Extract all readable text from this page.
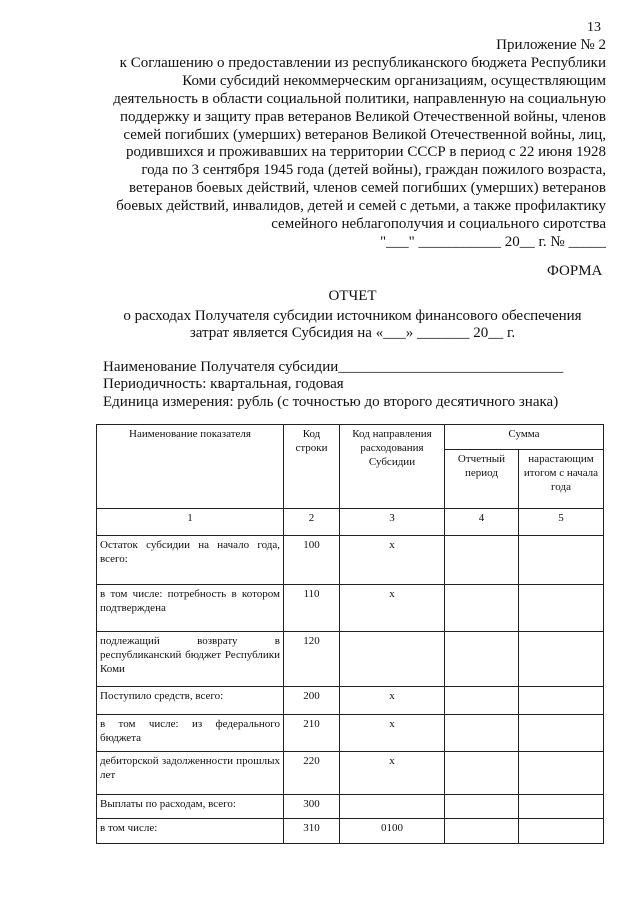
13
Приложение № 2
к Соглашению о предоставлении из республиканского бюджета Республики
Коми субсидий некоммерческим организациям, осуществляющим
деятельность в области социальной политики, направленную на социальную
поддержку и защиту прав ветеранов Великой Отечественной войны, членов
семей погибших (умерших) ветеранов Великой Отечественной войны, лиц,
родившихся и проживавших на территории СССР в период с 22 июня 1928
года по 3 сентября 1945 года (детей войны), граждан пожилого возраста,
ветеранов боевых действий, членов семей погибших (умерших) ветеранов
боевых действий, инвалидов, детей и семей с детьми, а также профилактику
семейного неблагополучия и социального сиротства
"___" ___________ 20__ г. № _____
ФОРМА
ОТЧЕТ
о расходах Получателя субсидии источником финансового обеспечения
затрат является Субсидия на «___» _______ 20__ г.
Наименование Получателя субсидии______________________________
Периодичность: квартальная, годовая
Единица измерения: рубль (с точностью до второго десятичного знака)
Наименование показателя	Код строки	Код направления расходования Субсидии	Сумма	
			Отчетный период	нарастающим итогом с начала года
1	2	3	4	5
Остаток субсидии на начало года, всего:	100	x		
в том числе: потребность в котором подтверждена	110	x		
подлежащий возврату в республиканский бюджет Республики Коми	120			
Поступило средств, всего:	200	x		
в том числе: из федерального бюджета	210	x		
дебиторской задолженности прошлых лет	220	x		
Выплаты по расходам, всего:	300			
в том числе:	310	0100		
